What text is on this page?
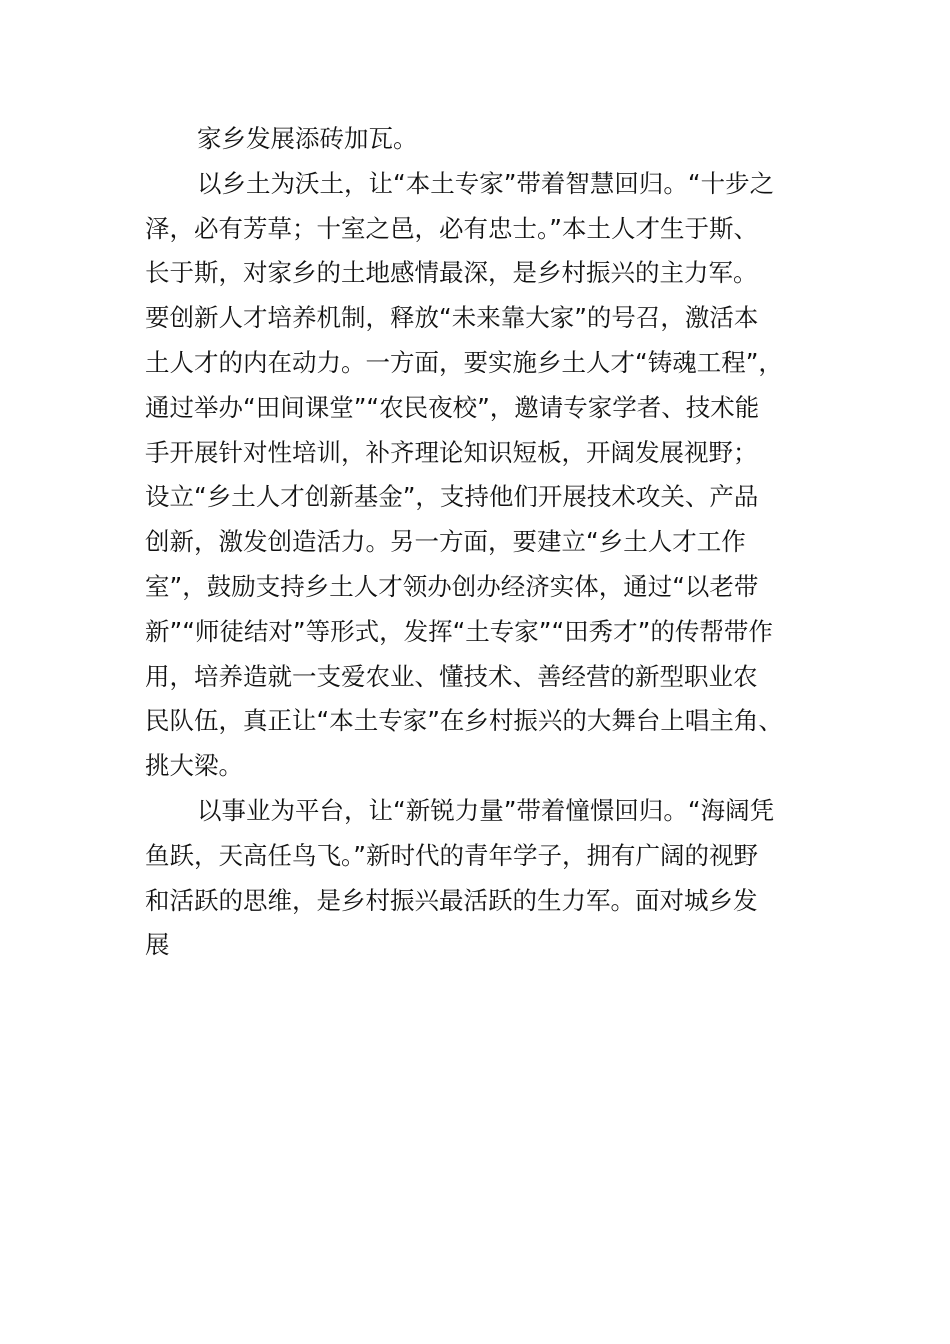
家乡发展添砖加瓦。
以乡土为沃土，让“本土专家”带着智慧回归。“十步之
泽，必有芳草；十室之邑，必有忠士。”本土人才生于斯、
长于斯，对家乡的土地感情最深，是乡村振兴的主力军。
要创新人才培养机制，释放“未来靠大家”的号召，激活本
土人才的内在动力。一方面，要实施乡土人才“铸魂工程”，
通过举办“田间课堂”“农民夜校”，邀请专家学者、技术能
手开展针对性培训，补齐理论知识短板，开阔发展视野；
设立“乡土人才创新基金”，支持他们开展技术攻关、产品
创新，激发创造活力。另一方面，要建立“乡土人才工作
室”，鼓励支持乡土人才领办创办经济实体，通过“以老带
新”“师徒结对”等形式，发挥“土专家”“田秀才”的传帮带作
用，培养造就一支爱农业、懂技术、善经营的新型职业农
民队伍，真正让“本土专家”在乡村振兴的大舞台上唱主角、
挑大梁。
以事业为平台，让“新锐力量”带着憧憬回归。“海阔凭
鱼跃，天高任鸟飞。”新时代的青年学子，拥有广阔的视野
和活跃的思维，是乡村振兴最活跃的生力军。面对城乡发
展
